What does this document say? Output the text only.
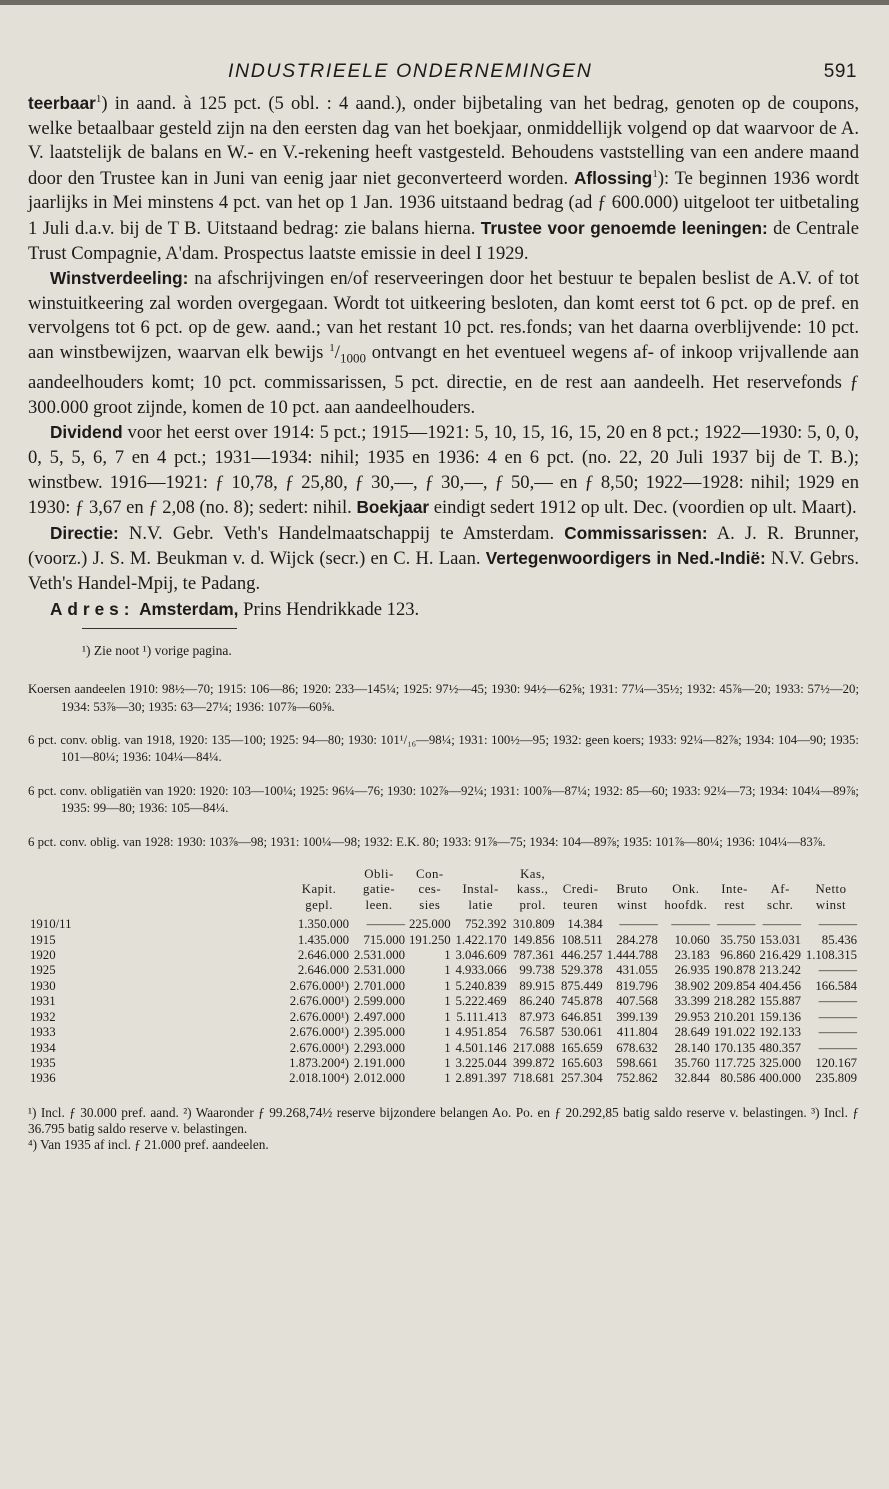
INDUSTRIEELE ONDERNEMINGEN	591

teerbaar$^1$) in aand. à 125 pct. (5 obl. : 4 aand.), onder bijbetaling van het bedrag, genoten op de coupons, welke betaalbaar gesteld zijn na den eersten dag van het boekjaar, onmiddellijk volgend op dat waarvoor de A. V. laatstelijk de balans en W.- en V.-rekening heeft vastgesteld. Behoudens vaststelling van een andere maand door den Trustee kan in Juni van eenig jaar niet geconverteerd worden. Aflossing$^1$): Te beginnen 1936 wordt jaarlijks in Mei minstens 4 pct. van het op 1 Jan. 1936 uitstaand bedrag (ad ƒ 600.000) uitgeloot ter uitbetaling 1 Juli d.a.v. bij de T B. Uitstaand bedrag: zie balans hierna. Trustee voor genoemde leeningen: de Centrale Trust Compagnie, A'dam. Prospectus laatste emissie in deel I 1929.

Winstverdeeling: na afschrijvingen en/of reserveeringen door het bestuur te bepalen beslist de A.V. of tot winstuitkeering zal worden overgegaan. Wordt tot uitkeering besloten, dan komt eerst tot 6 pct. op de pref. en vervolgens tot 6 pct. op de gew. aand.; van het restant 10 pct. res.fonds; van het daarna overblijvende: 10 pct. aan winstbewijzen, waarvan elk bewijs $^1/_{1000}$ ontvangt en het eventueel wegens af- of inkoop vrijvallende aan aandeelhouders komt; 10 pct. commissarissen, 5 pct. directie, en de rest aan aandeelh. Het reservefonds ƒ 300.000 groot zijnde, komen de 10 pct. aan aandeelhouders.

Dividend voor het eerst over 1914: 5 pct.; 1915—1921: 5, 10, 15, 16, 15, 20 en 8 pct.; 1922—1930: 5, 0, 0, 0, 5, 5, 6, 7 en 4 pct.; 1931—1934: nihil; 1935 en 1936: 4 en 6 pct. (no. 22, 20 Juli 1937 bij de T. B.); winstbew. 1916—1921: ƒ 10,78, ƒ 25,80, ƒ 30,—, ƒ 30,—, ƒ 50,— en ƒ 8,50; 1922—1928: nihil; 1929 en 1930: ƒ 3,67 en ƒ 2,08 (no. 8); sedert: nihil. Boekjaar eindigt sedert 1912 op ult. Dec. (voordien op ult. Maart).

Directie: N.V. Gebr. Veth's Handelmaatschappij te Amsterdam. Commissarissen: A. J. R. Brunner, (voorz.) J. S. M. Beukman v. d. Wijck (secr.) en C. H. Laan. Vertegenwoordigers in Ned.-Indië: N.V. Gebrs. Veth's Handel-Mpij, te Padang.

Adres: Amsterdam, Prins Hendrikkade 123.

¹) Zie noot ¹) vorige pagina.

Koersen aandeelen 1910: 98½—70; 1915: 106—86; 1920: 233—145¼; 1925: 97½—45; 1930: 94½—62⅝; 1931: 77¼—35½; 1932: 45⅞—20; 1933: 57½—20; 1934: 53⅞—30; 1935: 63—27¼; 1936: 107⅞—60⅝.

6 pct. conv. oblig. van 1918, 1920: 135—100; 1925: 94—80; 1930: 101¹/₁₆—98¼; 1931: 100½—95; 1932: geen koers; 1933: 92¼—82⅞; 1934: 104—90; 1935: 101—80¼; 1936: 104¼—84¼.

6 pct. conv. obligatiën van 1920: 1920: 103—100¼; 1925: 96¼—76; 1930: 102⅞—92¼; 1931: 100⅞—87¼; 1932: 85—60; 1933: 92¼—73; 1934: 104¼—89⅞; 1935: 99—80; 1936: 105—84¼.

6 pct. conv. oblig. van 1928: 1930: 103⅞—98; 1931: 100¼—98; 1932: E.K. 80; 1933: 91⅞—75; 1934: 104—89⅞; 1935: 101⅞—80¼; 1936: 104¼—83⅞.

	Kapit. gepl.	Obli- gatie- leen.	Con- ces- sies	Instal- latie	Kas, kass., prol.	Credi- teuren	Bruto winst	Onk. hoofdk.	Inte- rest	Af- schr.	Netto winst
1910/11	1.350.000	———	225.000	752.392	310.809	14.384	———	———	———	———	———
1915	1.435.000	715.000	191.250	1.422.170	149.856	108.511	284.278	10.060	35.750	153.031	85.436
1920	2.646.000	2.531.000	1	3.046.609	787.361	446.257	1.444.788	23.183	96.860	216.429	1.108.315
1925	2.646.000	2.531.000	1	4.933.066	99.738	529.378	431.055	26.935	190.878	213.242	———
1930	2.676.000¹)	2.701.000	1	5.240.839	89.915	875.449	819.796	38.902	209.854	404.456	166.584
1931	2.676.000¹)	2.599.000	1	5.222.469	86.240	745.878	407.568	33.399	218.282	155.887	———
1932	2.676.000¹)	2.497.000	1	5.111.413	87.973	646.851	399.139	29.953	210.201	159.136	———
1933	2.676.000¹)	2.395.000	1	4.951.854	76.587	530.061	411.804	28.649	191.022	192.133	———
1934	2.676.000¹)	2.293.000	1	4.501.146	217.088	165.659	678.632	28.140	170.135	480.357	———
1935	1.873.200⁴)	2.191.000	1	3.225.044	399.872	165.603	598.661	35.760	117.725	325.000	120.167
1936	2.018.100⁴)	2.012.000	1	2.891.397	718.681	257.304	752.862	32.844	80.586	400.000	235.809

¹) Incl. ƒ 30.000 pref. aand. ²) Waaronder ƒ 99.268,74½ reserve bijzondere belangen Ao. Po. en ƒ 20.292,85 batig saldo reserve v. belastingen. ³) Incl. ƒ 36.795 batig saldo reserve v. belastingen.

⁴) Van 1935 af incl. ƒ 21.000 pref. aandeelen.
